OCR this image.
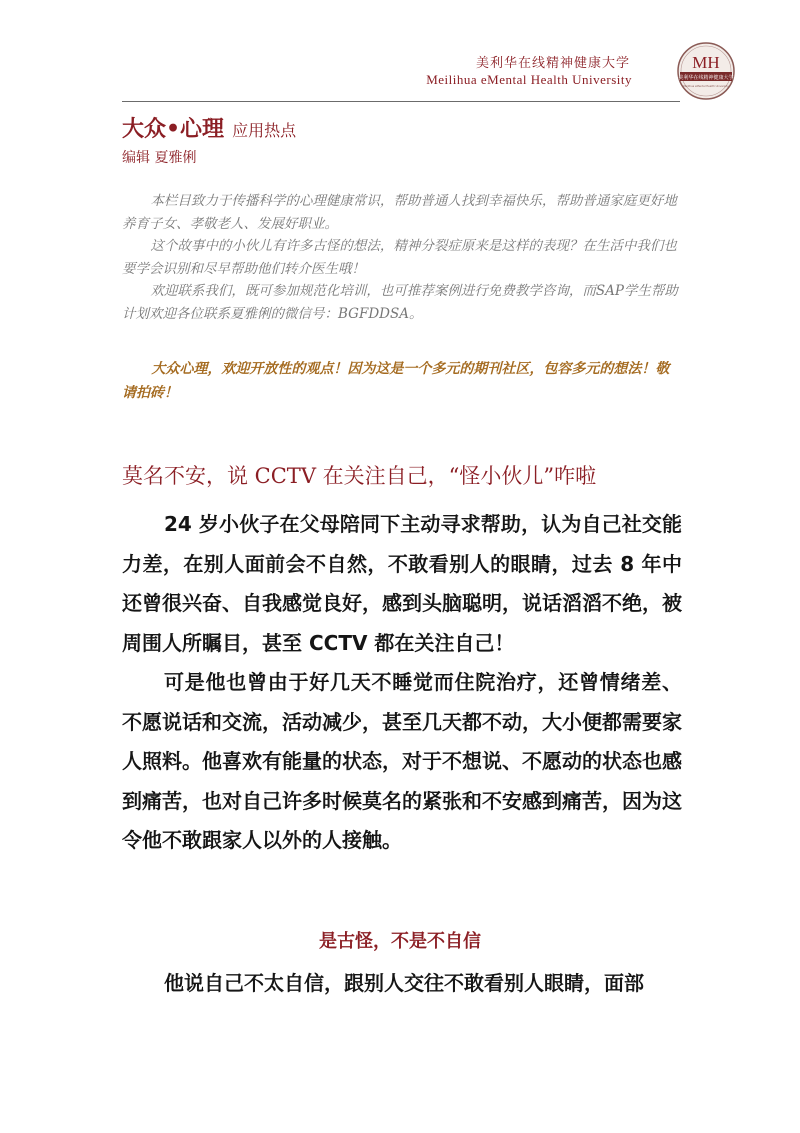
美利华在线精神健康大学
Meilihua eMental Health University
MH
美利华在线精神健康大学
Meilihua eMental Health University
大众•心理 应用热点
编辑 夏雅俐

本栏目致力于传播科学的心理健康常识，帮助普通人找到幸福快乐，帮助普通家庭更好地养育子女、孝敬老人、发展好职业。

这个故事中的小伙儿有许多古怪的想法，精神分裂症原来是这样的表现？在生活中我们也要学会识别和尽早帮助他们转介医生哦！

欢迎联系我们，既可参加规范化培训，也可推荐案例进行免费教学咨询，而SAP学生帮助计划欢迎各位联系夏雅俐的微信号：BGFDDSA。

大众心理，欢迎开放性的观点！因为这是一个多元的期刊社区，包容多元的想法！敬请拍砖！
莫名不安，说 CCTV 在关注自己，“怪小伙儿”咋啦

24 岁小伙子在父母陪同下主动寻求帮助，认为自己社交能力差，在别人面前会不自然，不敢看别人的眼睛，过去 8 年中还曾很兴奋、自我感觉良好，感到头脑聪明，说话滔滔不绝，被周围人所瞩目，甚至 CCTV 都在关注自己！

可是他也曾由于好几天不睡觉而住院治疗，还曾情绪差、不愿说话和交流，活动减少，甚至几天都不动，大小便都需要家人照料。他喜欢有能量的状态，对于不想说、不愿动的状态也感到痛苦，也对自己许多时候莫名的紧张和不安感到痛苦，因为这令他不敢跟家人以外的人接触。

是古怪，不是不自信

他说自己不太自信，跟别人交往不敢看别人眼睛，面部
